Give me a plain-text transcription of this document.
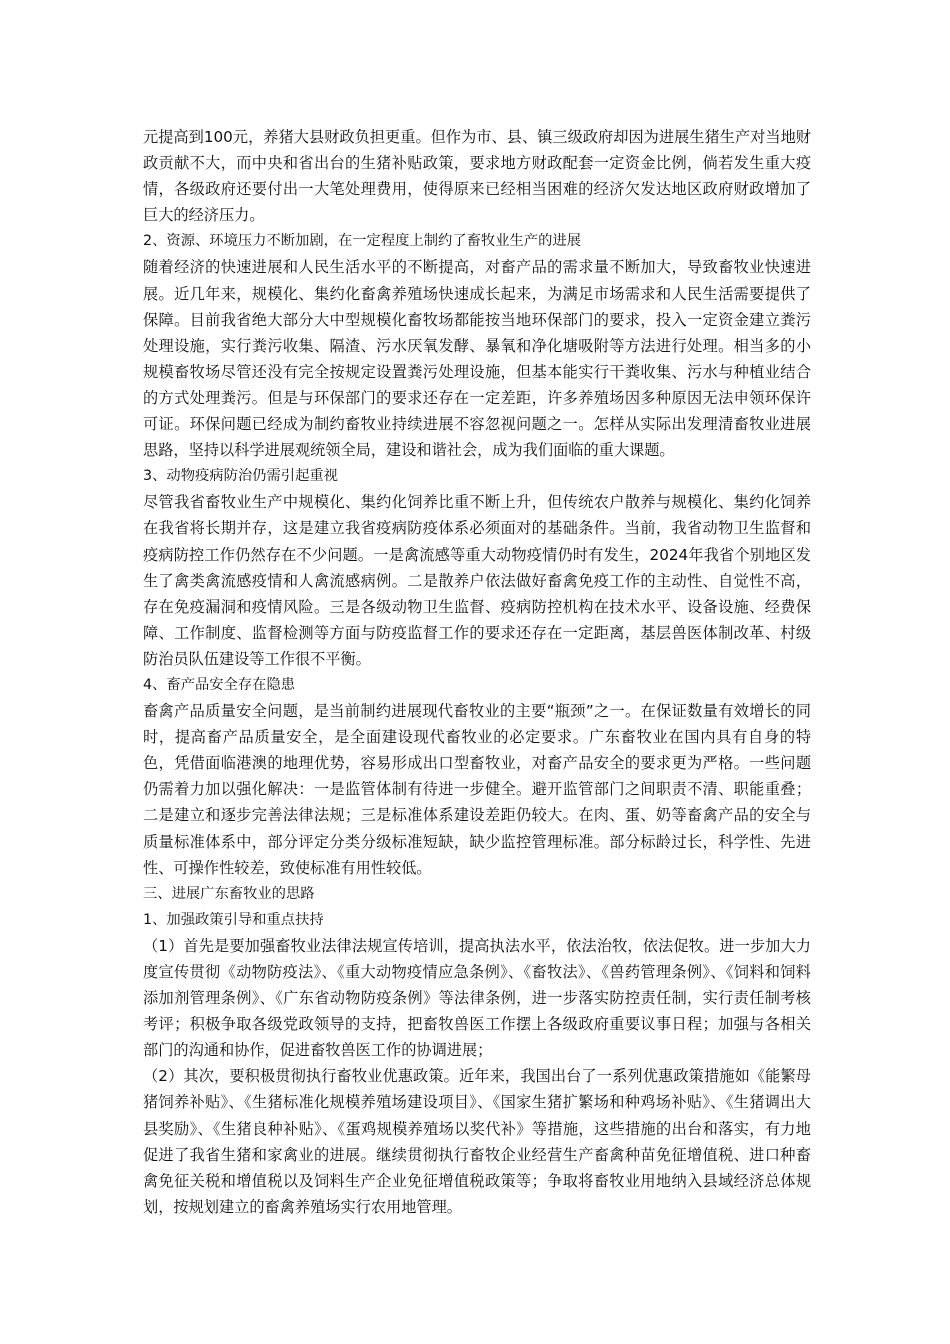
元提高到100元，养猪大县财政负担更重。但作为市、县、镇三级政府却因为进展生猪生产对当地财政贡献不大，而中央和省出台的生猪补贴政策，要求地方财政配套一定资金比例，倘若发生重大疫情，各级政府还要付出一大笔处理费用，使得原来已经相当困难的经济欠发达地区政府财政增加了巨大的经济压力。

2、资源、环境压力不断加剧，在一定程度上制约了畜牧业生产的进展

随着经济的快速进展和人民生活水平的不断提高，对畜产品的需求量不断加大，导致畜牧业快速进展。近几年来，规模化、集约化畜禽养殖场快速成长起来，为满足市场需求和人民生活需要提供了保障。目前我省绝大部分大中型规模化畜牧场都能按当地环保部门的要求，投入一定资金建立粪污处理设施，实行粪污收集、隔渣、污水厌氧发酵、暴氧和净化塘吸附等方法进行处理。相当多的小规模畜牧场尽管还没有完全按规定设置粪污处理设施，但基本能实行干粪收集、污水与种植业结合的方式处理粪污。但是与环保部门的要求还存在一定差距，许多养殖场因多种原因无法申领环保许可证。环保问题已经成为制约畜牧业持续进展不容忽视问题之一。怎样从实际出发理清畜牧业进展思路，坚持以科学进展观统领全局，建设和谐社会，成为我们面临的重大课题。

3、动物疫病防治仍需引起重视

尽管我省畜牧业生产中规模化、集约化饲养比重不断上升，但传统农户散养与规模化、集约化饲养在我省将长期并存，这是建立我省疫病防疫体系必须面对的基础条件。当前，我省动物卫生监督和疫病防控工作仍然存在不少问题。一是禽流感等重大动物疫情仍时有发生，2024年我省个别地区发生了禽类禽流感疫情和人禽流感病例。二是散养户依法做好畜禽免疫工作的主动性、自觉性不高，存在免疫漏洞和疫情风险。三是各级动物卫生监督、疫病防控机构在技术水平、设备设施、经费保障、工作制度、监督检测等方面与防疫监督工作的要求还存在一定距离，基层兽医体制改革、村级防治员队伍建设等工作很不平衡。

4、畜产品安全存在隐患

畜禽产品质量安全问题，是当前制约进展现代畜牧业的主要“瓶颈”之一。在保证数量有效增长的同时，提高畜产品质量安全，是全面建设现代畜牧业的必定要求。广东畜牧业在国内具有自身的特色，凭借面临港澳的地理优势，容易形成出口型畜牧业，对畜产品安全的要求更为严格。一些问题仍需着力加以强化解决：一是监管体制有待进一步健全。避开监管部门之间职责不清、职能重叠；二是建立和逐步完善法律法规；三是标准体系建设差距仍较大。在肉、蛋、奶等畜禽产品的安全与质量标准体系中，部分评定分类分级标准短缺，缺少监控管理标准。部分标龄过长，科学性、先进性、可操作性较差，致使标准有用性较低。

三、进展广东畜牧业的思路

1、加强政策引导和重点扶持

（1）首先是要加强畜牧业法律法规宣传培训，提高执法水平，依法治牧，依法促牧。进一步加大力度宣传贯彻《动物防疫法》、《重大动物疫情应急条例》、《畜牧法》、《兽药管理条例》、《饲料和饲料添加剂管理条例》、《广东省动物防疫条例》等法律条例，进一步落实防控责任制，实行责任制考核考评；积极争取各级党政领导的支持，把畜牧兽医工作摆上各级政府重要议事日程；加强与各相关部门的沟通和协作，促进畜牧兽医工作的协调进展；

（2）其次，要积极贯彻执行畜牧业优惠政策。近年来，我国出台了一系列优惠政策措施如《能繁母猪饲养补贴》、《生猪标准化规模养殖场建设项目》、《国家生猪扩繁场和种鸡场补贴》、《生猪调出大县奖励》、《生猪良种补贴》、《蛋鸡规模养殖场以奖代补》等措施，这些措施的出台和落实，有力地促进了我省生猪和家禽业的进展。继续贯彻执行畜牧企业经营生产畜禽种苗免征增值税、进口种畜禽免征关税和增值税以及饲料生产企业免征增值税政策等；争取将畜牧业用地纳入县域经济总体规划，按规划建立的畜禽养殖场实行农用地管理。
